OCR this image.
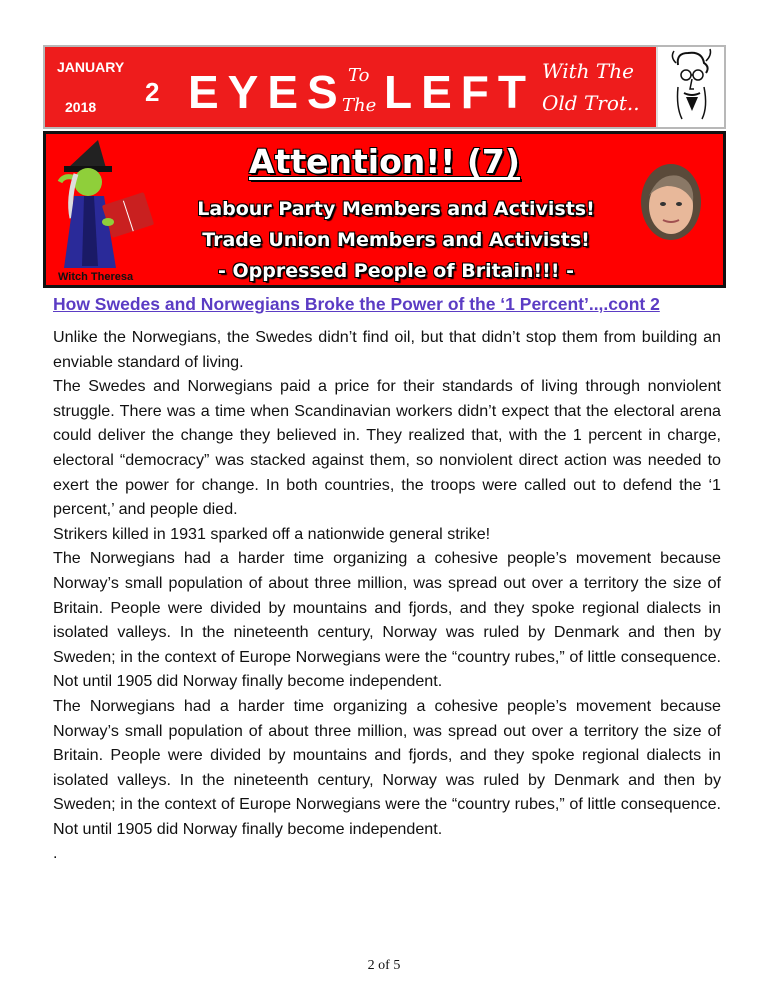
JANUARY
2018 2 EYES To
The LEFT With The
Old Trot..
Witch Theresa
Attention!! (7)
Labour Party Members and Activists!
Trade Union Members and Activists!
- Oppressed People of Britain!!! -
How Swedes and Norwegians Broke the Power of the ‘1 Percent’..,.cont 2

Unlike the Norwegians, the Swedes didn’t find oil, but that didn’t stop them from building an enviable standard of living.

The Swedes and Norwegians paid a price for their standards of living through nonviolent struggle. There was a time when Scandinavian workers didn’t expect that the electoral arena could deliver the change they believed in. They realized that, with the 1 percent in charge, electoral “democracy” was stacked against them, so nonviolent direct action was needed to exert the power for change. In both countries, the troops were called out to defend the ‘1 percent,’ and people died.

Strikers killed in 1931 sparked off a nationwide general strike!

The Norwegians had a harder time organizing a cohesive people’s movement because Norway’s small population of about three million, was spread out over a territory the size of Britain. People were divided by mountains and fjords, and they spoke regional dialects in isolated valleys. In the nineteenth century, Norway was ruled by Denmark and then by Sweden; in the context of Europe Norwegians were the “country rubes,” of little consequence. Not until 1905 did Norway finally become independent.

The Norwegians had a harder time organizing a cohesive people’s movement because Norway’s small population of about three million, was spread out over a territory the size of Britain. People were divided by mountains and fjords, and they spoke regional dialects in isolated valleys. In the nineteenth century, Norway was ruled by Denmark and then by Sweden; in the context of Europe Norwegians were the “country rubes,” of little consequence. Not until 1905 did Norway finally become independent.

.

2 of 5
